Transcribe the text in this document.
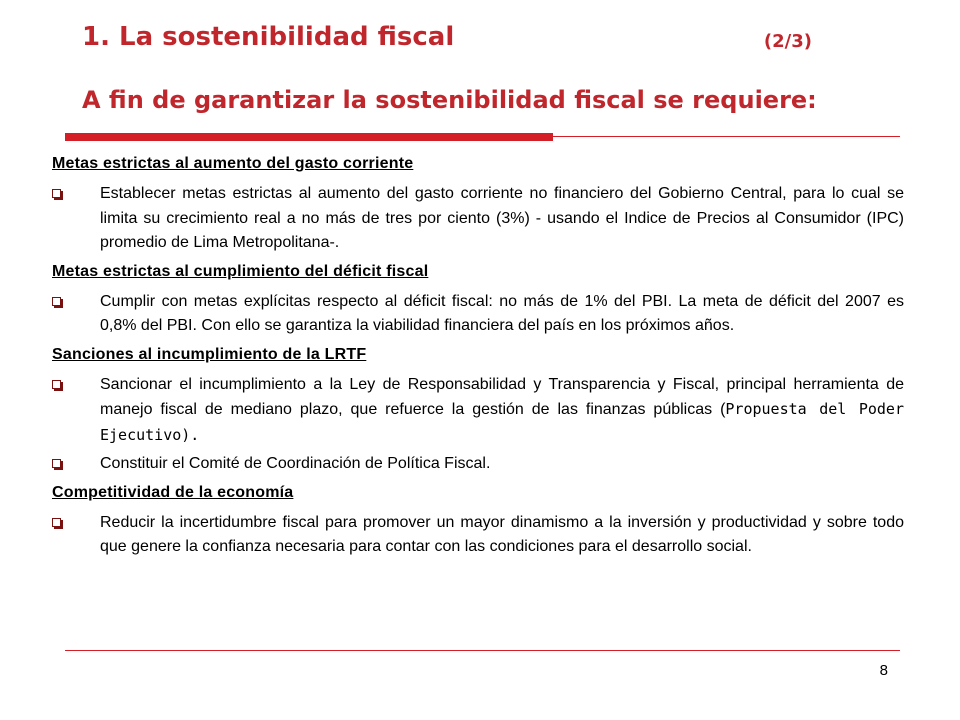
1. La sostenibilidad fiscal	(2/3)
A fin de garantizar la sostenibilidad fiscal se requiere:
Metas estrictas al aumento del gasto corriente
Establecer metas estrictas al aumento del gasto corriente no financiero del Gobierno Central, para lo cual se limita su crecimiento real a no más de tres por ciento (3%) - usando el Indice de Precios al Consumidor (IPC) promedio de Lima Metropolitana-.
Metas estrictas al cumplimiento del déficit fiscal
Cumplir con metas explícitas respecto al déficit fiscal: no más de 1% del PBI. La meta de déficit del 2007 es 0,8% del PBI. Con ello se garantiza la viabilidad financiera del país en los próximos años.
Sanciones al incumplimiento de la LRTF
Sancionar el incumplimiento a la Ley de Responsabilidad y Transparencia y Fiscal, principal herramienta de manejo fiscal de mediano plazo, que refuerce la gestión de las finanzas públicas (Propuesta del Poder Ejecutivo).
Constituir el Comité de Coordinación de Política Fiscal.
Competitividad de la economía
Reducir la incertidumbre fiscal para promover un mayor dinamismo a la inversión y productividad y sobre todo que genere la confianza necesaria para contar con las condiciones para el desarrollo social.
8
